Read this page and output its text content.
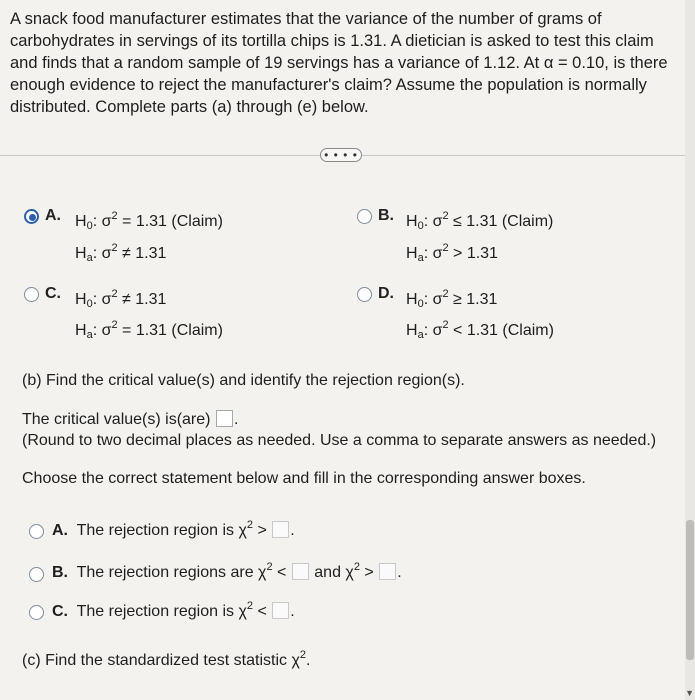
A snack food manufacturer estimates that the variance of the number of grams of carbohydrates in servings of its tortilla chips is 1.31. A dietician is asked to test this claim and finds that a random sample of 19 servings has a variance of 1.12. At α = 0.10, is there enough evidence to reject the manufacturer's claim? Assume the population is normally distributed. Complete parts (a) through (e) below.

• • • •
A. $H_0$: $\sigma^2 = 1.31$ (Claim)
$H_a$: $\sigma^2 \ne 1.31$
B. $H_0$: $\sigma^2 \le 1.31$ (Claim)
$H_a$: $\sigma^2 > 1.31$
C. $H_0$: $\sigma^2 \ne 1.31$
$H_a$: $\sigma^2 = 1.31$ (Claim)
D. $H_0$: $\sigma^2 \ge 1.31$
$H_a$: $\sigma^2 < 1.31$ (Claim)

(b) Find the critical value(s) and identify the rejection region(s).

The critical value(s) is(are) .

(Round to two decimal places as needed. Use a comma to separate answers as needed.)

Choose the correct statement below and fill in the corresponding answer boxes.

A. The rejection region is $\chi^2$ > .
B. The rejection regions are $\chi^2$ < and $\chi^2$ > .
C. The rejection region is $\chi^2$ < .
(c) Find the standardized test statistic $\chi^2$.
▼
